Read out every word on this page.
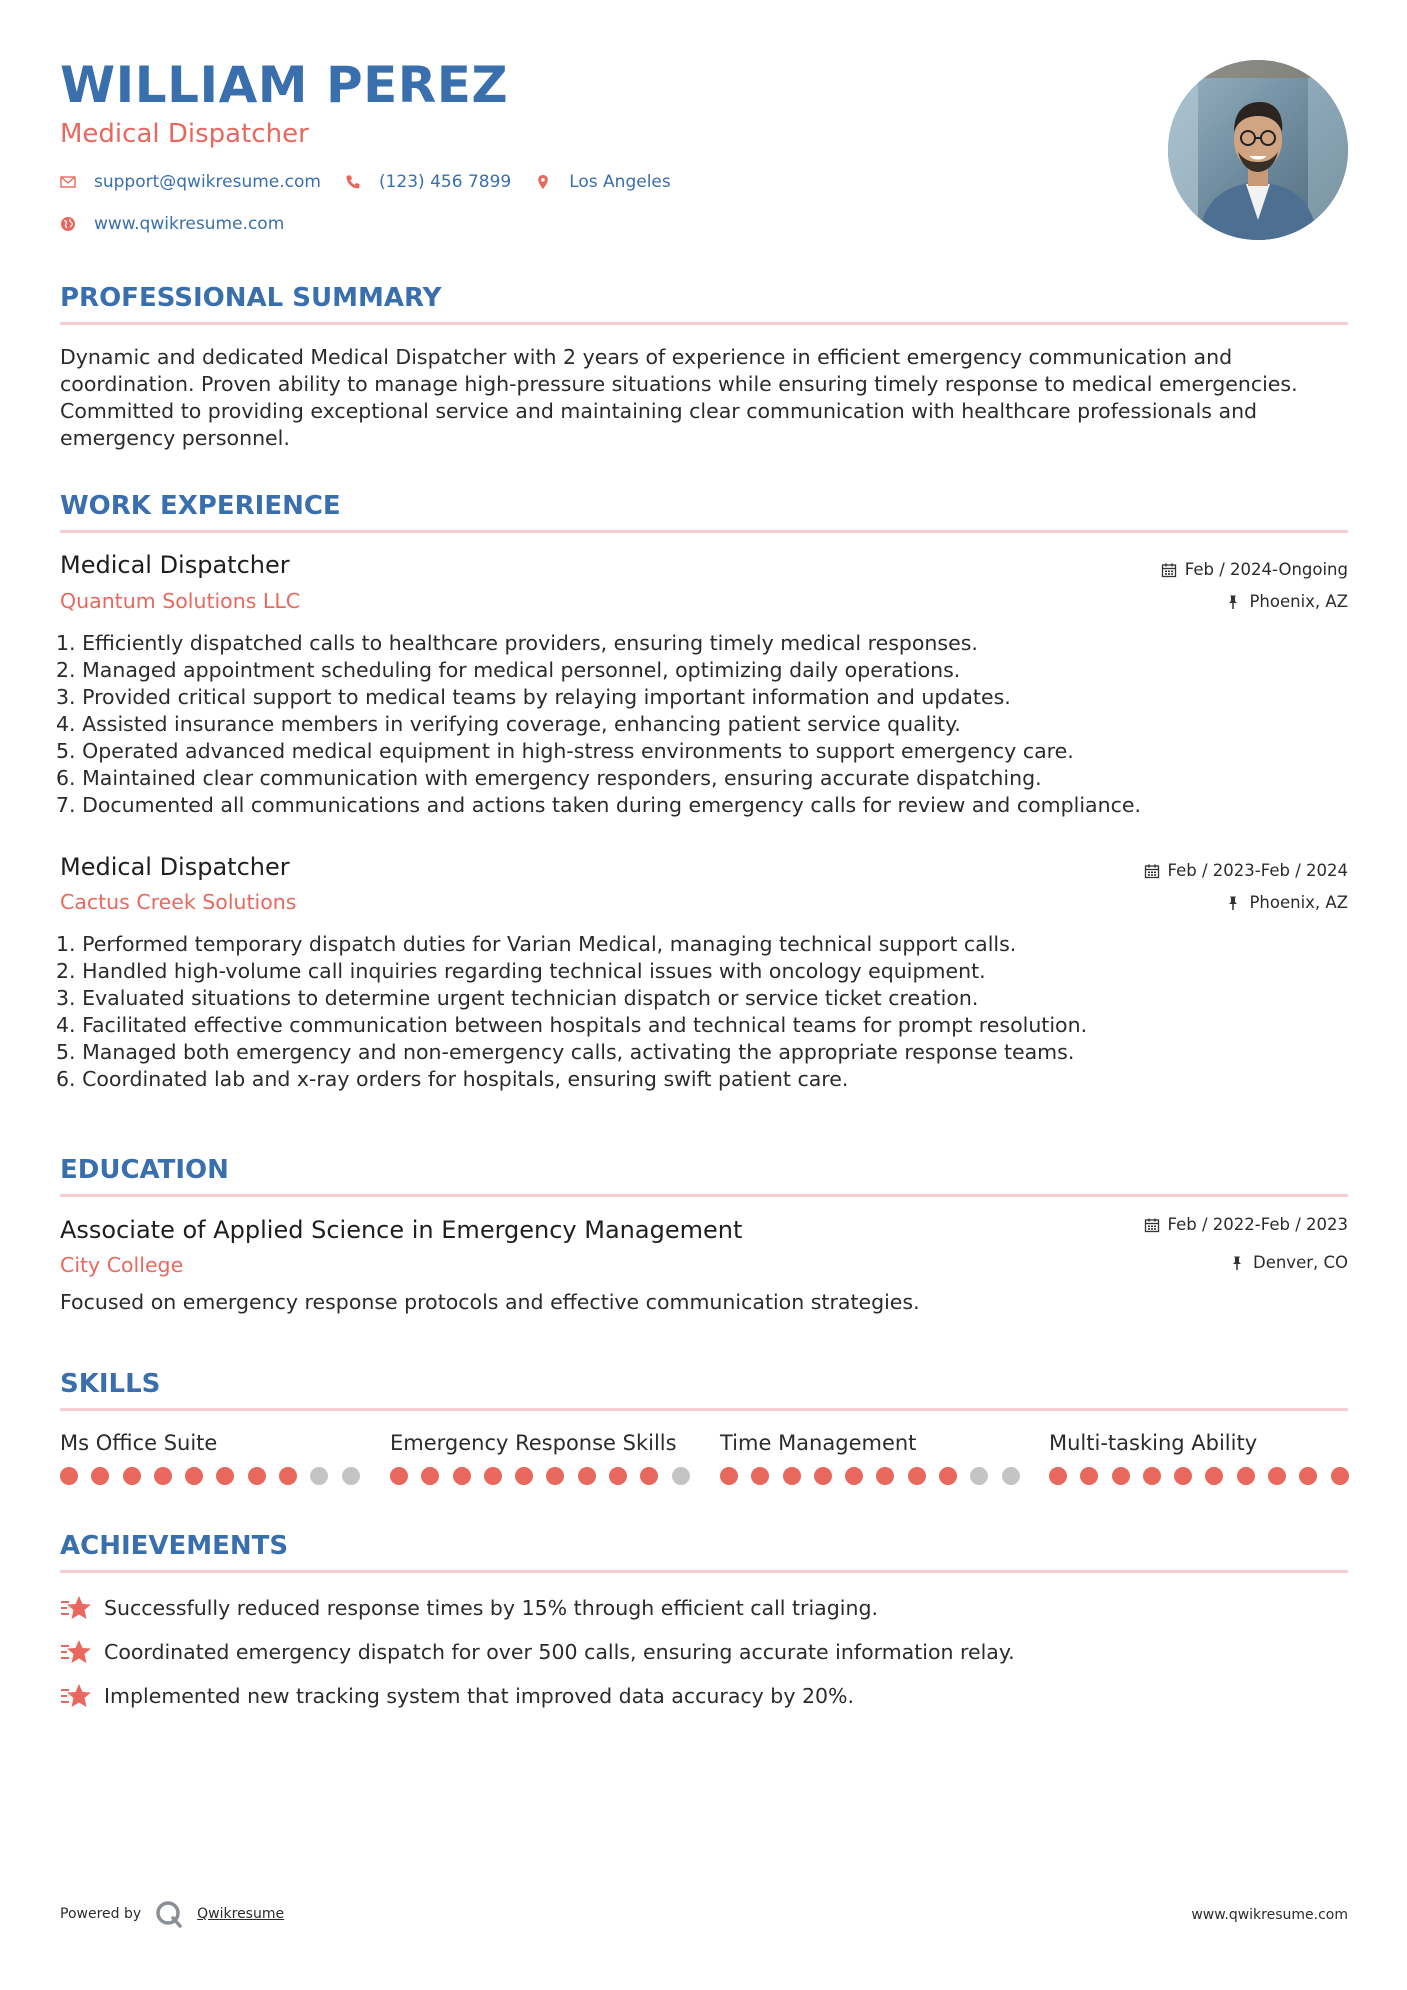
WILLIAM PEREZ
Medical Dispatcher
support@qwikresume.com	(123) 456 7899	Los Angeles
www.qwikresume.com
PROFESSIONAL SUMMARY
Dynamic and dedicated Medical Dispatcher with 2 years of experience in efficient emergency communication and coordination. Proven ability to manage high-pressure situations while ensuring timely response to medical emergencies. Committed to providing exceptional service and maintaining clear communication with healthcare professionals and emergency personnel.
WORK EXPERIENCE
Medical Dispatcher
Quantum Solutions LLC
Feb / 2024-Ongoing
Phoenix, AZ
1. Efficiently dispatched calls to healthcare providers, ensuring timely medical responses.
2. Managed appointment scheduling for medical personnel, optimizing daily operations.
3. Provided critical support to medical teams by relaying important information and updates.
4. Assisted insurance members in verifying coverage, enhancing patient service quality.
5. Operated advanced medical equipment in high-stress environments to support emergency care.
6. Maintained clear communication with emergency responders, ensuring accurate dispatching.
7. Documented all communications and actions taken during emergency calls for review and compliance.
Medical Dispatcher
Cactus Creek Solutions
Feb / 2023-Feb / 2024
Phoenix, AZ
1. Performed temporary dispatch duties for Varian Medical, managing technical support calls.
2. Handled high-volume call inquiries regarding technical issues with oncology equipment.
3. Evaluated situations to determine urgent technician dispatch or service ticket creation.
4. Facilitated effective communication between hospitals and technical teams for prompt resolution.
5. Managed both emergency and non-emergency calls, activating the appropriate response teams.
6. Coordinated lab and x-ray orders for hospitals, ensuring swift patient care.
EDUCATION
Associate of Applied Science in Emergency Management
City College
Feb / 2022-Feb / 2023
Denver, CO
Focused on emergency response protocols and effective communication strategies.
SKILLS
Ms Office Suite	Emergency Response Skills	Time Management	Multi-tasking Ability
ACHIEVEMENTS
Successfully reduced response times by 15% through efficient call triaging.
Coordinated emergency dispatch for over 500 calls, ensuring accurate information relay.
Implemented new tracking system that improved data accuracy by 20%.
Powered by	Qwikresume	www.qwikresume.com
